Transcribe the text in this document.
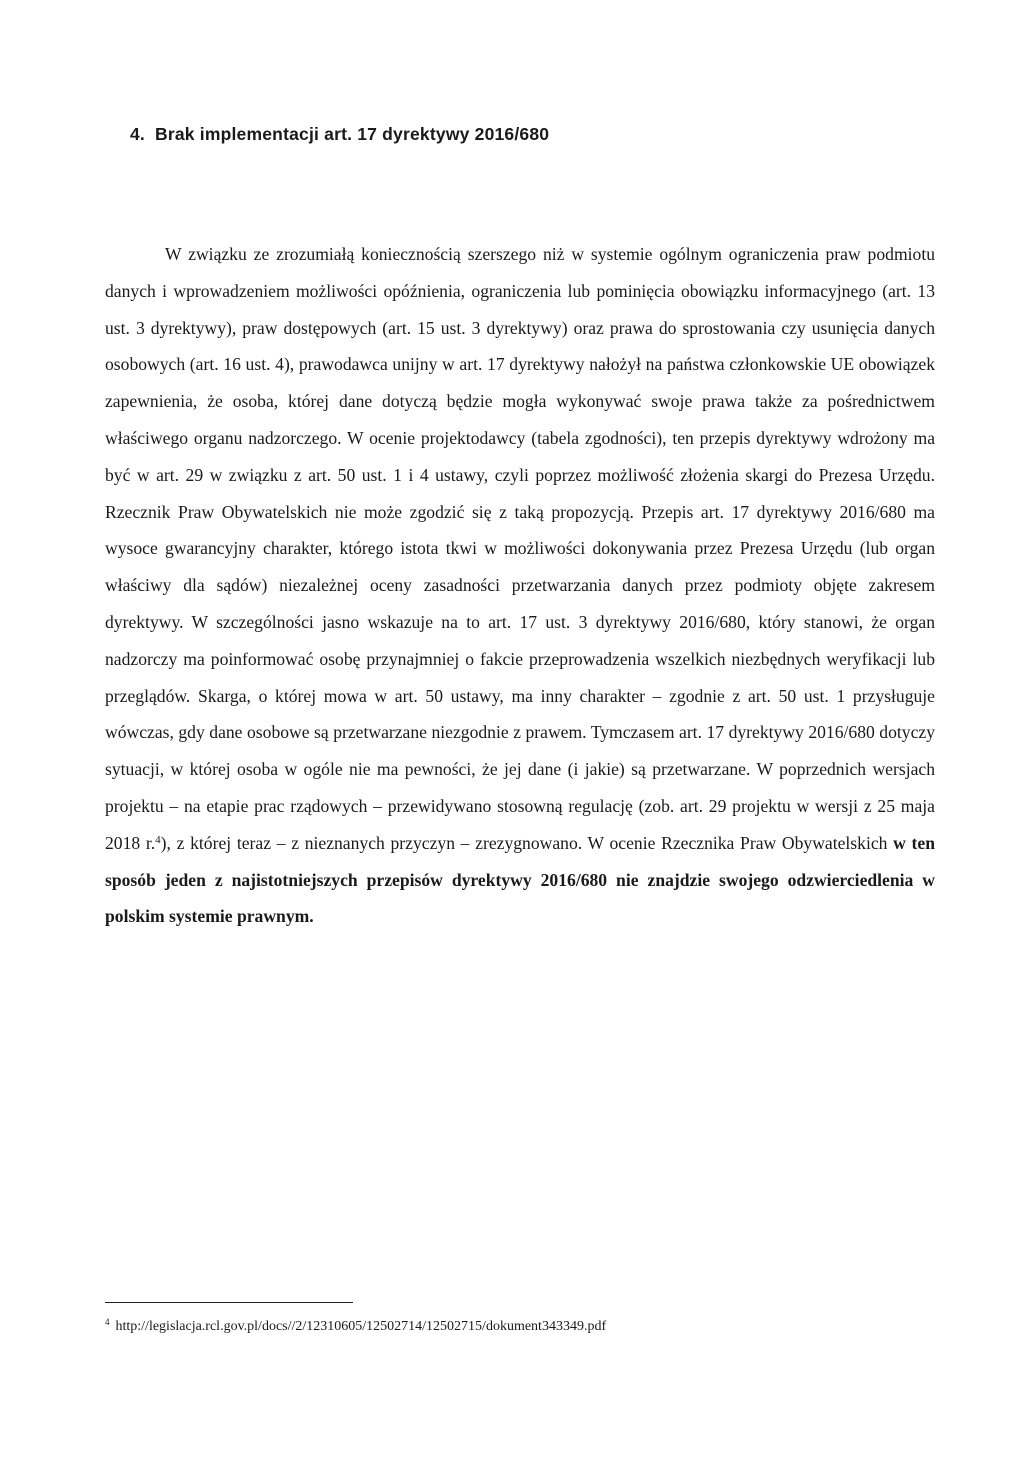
4. Brak implementacji art. 17 dyrektywy 2016/680

W związku ze zrozumiałą koniecznością szerszego niż w systemie ogólnym ograniczenia praw podmiotu danych i wprowadzeniem możliwości opóźnienia, ograniczenia lub pominięcia obowiązku informacyjnego (art. 13 ust. 3 dyrektywy), praw dostępowych (art. 15 ust. 3 dyrektywy) oraz prawa do sprostowania czy usunięcia danych osobowych (art. 16 ust. 4), prawodawca unijny w art. 17 dyrektywy nałożył na państwa członkowskie UE obowiązek zapewnienia, że osoba, której dane dotyczą będzie mogła wykonywać swoje prawa także za pośrednictwem właściwego organu nadzorczego. W ocenie projektodawcy (tabela zgodności), ten przepis dyrektywy wdrożony ma być w art. 29 w związku z art. 50 ust. 1 i 4 ustawy, czyli poprzez możliwość złożenia skargi do Prezesa Urzędu. Rzecznik Praw Obywatelskich nie może zgodzić się z taką propozycją. Przepis art. 17 dyrektywy 2016/680 ma wysoce gwarancyjny charakter, którego istota tkwi w możliwości dokonywania przez Prezesa Urzędu (lub organ właściwy dla sądów) niezależnej oceny zasadności przetwarzania danych przez podmioty objęte zakresem dyrektywy. W szczególności jasno wskazuje na to art. 17 ust. 3 dyrektywy 2016/680, który stanowi, że organ nadzorczy ma poinformować osobę przynajmniej o fakcie przeprowadzenia wszelkich niezbędnych weryfikacji lub przeglądów. Skarga, o której mowa w art. 50 ustawy, ma inny charakter – zgodnie z art. 50 ust. 1 przysługuje wówczas, gdy dane osobowe są przetwarzane niezgodnie z prawem. Tymczasem art. 17 dyrektywy 2016/680 dotyczy sytuacji, w której osoba w ogóle nie ma pewności, że jej dane (i jakie) są przetwarzane. W poprzednich wersjach projektu – na etapie prac rządowych – przewidywano stosowną regulację (zob. art. 29 projektu w wersji z 25 maja 2018 r.$^4$), z której teraz – z nieznanych przyczyn – zrezygnowano. W ocenie Rzecznika Praw Obywatelskich w ten sposób jeden z najistotniejszych przepisów dyrektywy 2016/680 nie znajdzie swojego odzwierciedlenia w polskim systemie prawnym.

$^4$ http://legislacja.rcl.gov.pl/docs//2/12310605/12502714/12502715/dokument343349.pdf
